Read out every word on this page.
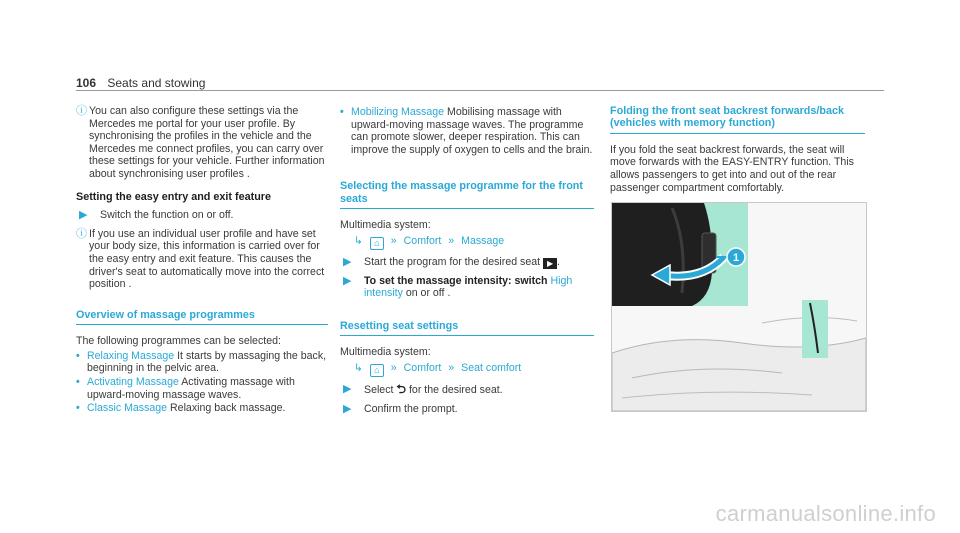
106 Seats and stowing
ⓘ You can also configure these settings via the Mercedes me portal for your user profile. By synchronising the profiles in the vehicle and the Mercedes me connect profiles, you can carry over these settings for your vehicle. Further information about synchronising user profiles .

Setting the easy entry and exit feature
▶ Switch the function on or off.
ⓘ If you use an individual user profile and have set your body size, this information is carried over for the easy entry and exit feature. This causes the driver's seat to automatically move into the correct position .

Overview of massage programmes

The following programmes can be selected:

• Relaxing Massage It starts by massaging the back, beginning in the pelvic area.
• Activating Massage Activating massage with upward-moving massage waves.
• Classic Massage Relaxing back massage.
• Mobilizing Massage Mobilising massage with upward-moving massage waves. The programme can promote slower, deeper respiration. This can improve the supply of oxygen to cells and the brain.
Selecting the massage programme for the front seats

Multimedia system:

↳ ⌂ » Comfort » Massage
▶ Start the program for the desired seat ▶ .
▶ To set the massage intensity: switch High intensity on or off .
Resetting seat settings

Multimedia system:

↳ ⌂ » Comfort » Seat comfort
▶ Select ⮌ for the desired seat.
▶ Confirm the prompt.
Folding the front seat backrest forwards/back (vehicles with memory function)

If you fold the seat backrest forwards, the seat will move forwards with the EASY-ENTRY function. This allows passengers to get into and out of the rear passenger compartment comfortably.

1
carmanualsonline.info
